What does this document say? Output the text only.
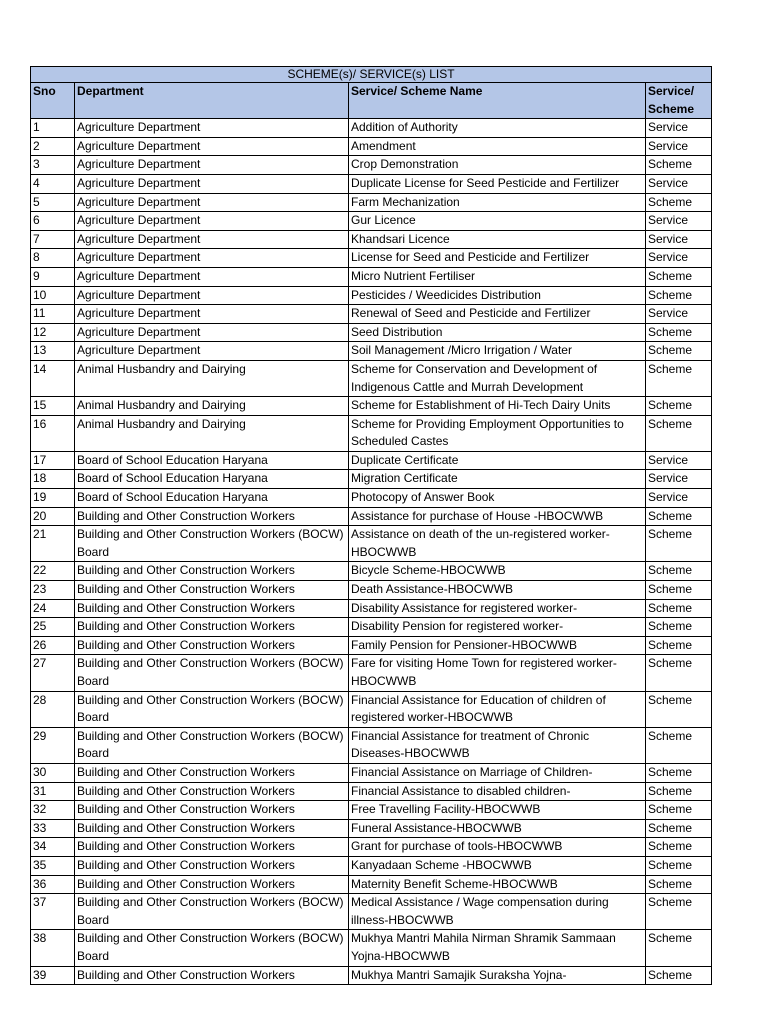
SCHEME(s)/ SERVICE(s) LIST			
Sno	Department	Service/ Scheme Name	Service/ Scheme
1	Agriculture Department	Addition of Authority	Service
2	Agriculture Department	Amendment	Service
3	Agriculture Department	Crop Demonstration	Scheme
4	Agriculture Department	Duplicate License for Seed Pesticide and Fertilizer	Service
5	Agriculture Department	Farm Mechanization	Scheme
6	Agriculture Department	Gur Licence	Service
7	Agriculture Department	Khandsari Licence	Service
8	Agriculture Department	License for Seed and Pesticide and Fertilizer	Service
9	Agriculture Department	Micro Nutrient Fertiliser	Scheme
10	Agriculture Department	Pesticides / Weedicides Distribution	Scheme
11	Agriculture Department	Renewal of Seed and Pesticide and Fertilizer	Service
12	Agriculture Department	Seed Distribution	Scheme
13	Agriculture Department	Soil Management /Micro Irrigation / Water	Scheme
14	Animal Husbandry and Dairying	Scheme for Conservation and Development of Indigenous Cattle and Murrah Development	Scheme
15	Animal Husbandry and Dairying	Scheme for Establishment of Hi-Tech Dairy Units	Scheme
16	Animal Husbandry and Dairying	Scheme for Providing Employment Opportunities to Scheduled Castes	Scheme
17	Board of School Education Haryana	Duplicate Certificate	Service
18	Board of School Education Haryana	Migration Certificate	Service
19	Board of School Education Haryana	Photocopy of Answer Book	Service
20	Building and Other Construction Workers	Assistance for purchase of House -HBOCWWB	Scheme
21	Building and Other Construction Workers (BOCW) Board	Assistance on death of the un-registered worker-HBOCWWB	Scheme
22	Building and Other Construction Workers	Bicycle Scheme-HBOCWWB	Scheme
23	Building and Other Construction Workers	Death Assistance-HBOCWWB	Scheme
24	Building and Other Construction Workers	Disability Assistance for registered worker-	Scheme
25	Building and Other Construction Workers	Disability Pension for registered worker-	Scheme
26	Building and Other Construction Workers	Family Pension for Pensioner-HBOCWWB	Scheme
27	Building and Other Construction Workers (BOCW) Board	Fare for visiting Home Town for registered worker-HBOCWWB	Scheme
28	Building and Other Construction Workers (BOCW) Board	Financial Assistance for Education of children of registered worker-HBOCWWB	Scheme
29	Building and Other Construction Workers (BOCW) Board	Financial Assistance for treatment of Chronic Diseases-HBOCWWB	Scheme
30	Building and Other Construction Workers	Financial Assistance on Marriage of Children-	Scheme
31	Building and Other Construction Workers	Financial Assistance to disabled children-	Scheme
32	Building and Other Construction Workers	Free Travelling Facility-HBOCWWB	Scheme
33	Building and Other Construction Workers	Funeral Assistance-HBOCWWB	Scheme
34	Building and Other Construction Workers	Grant for purchase of tools-HBOCWWB	Scheme
35	Building and Other Construction Workers	Kanyadaan Scheme -HBOCWWB	Scheme
36	Building and Other Construction Workers	Maternity Benefit Scheme-HBOCWWB	Scheme
37	Building and Other Construction Workers (BOCW) Board	Medical Assistance / Wage compensation during illness-HBOCWWB	Scheme
38	Building and Other Construction Workers (BOCW) Board	Mukhya Mantri Mahila Nirman Shramik Sammaan Yojna-HBOCWWB	Scheme
39	Building and Other Construction Workers	Mukhya Mantri Samajik Suraksha Yojna-	Scheme
